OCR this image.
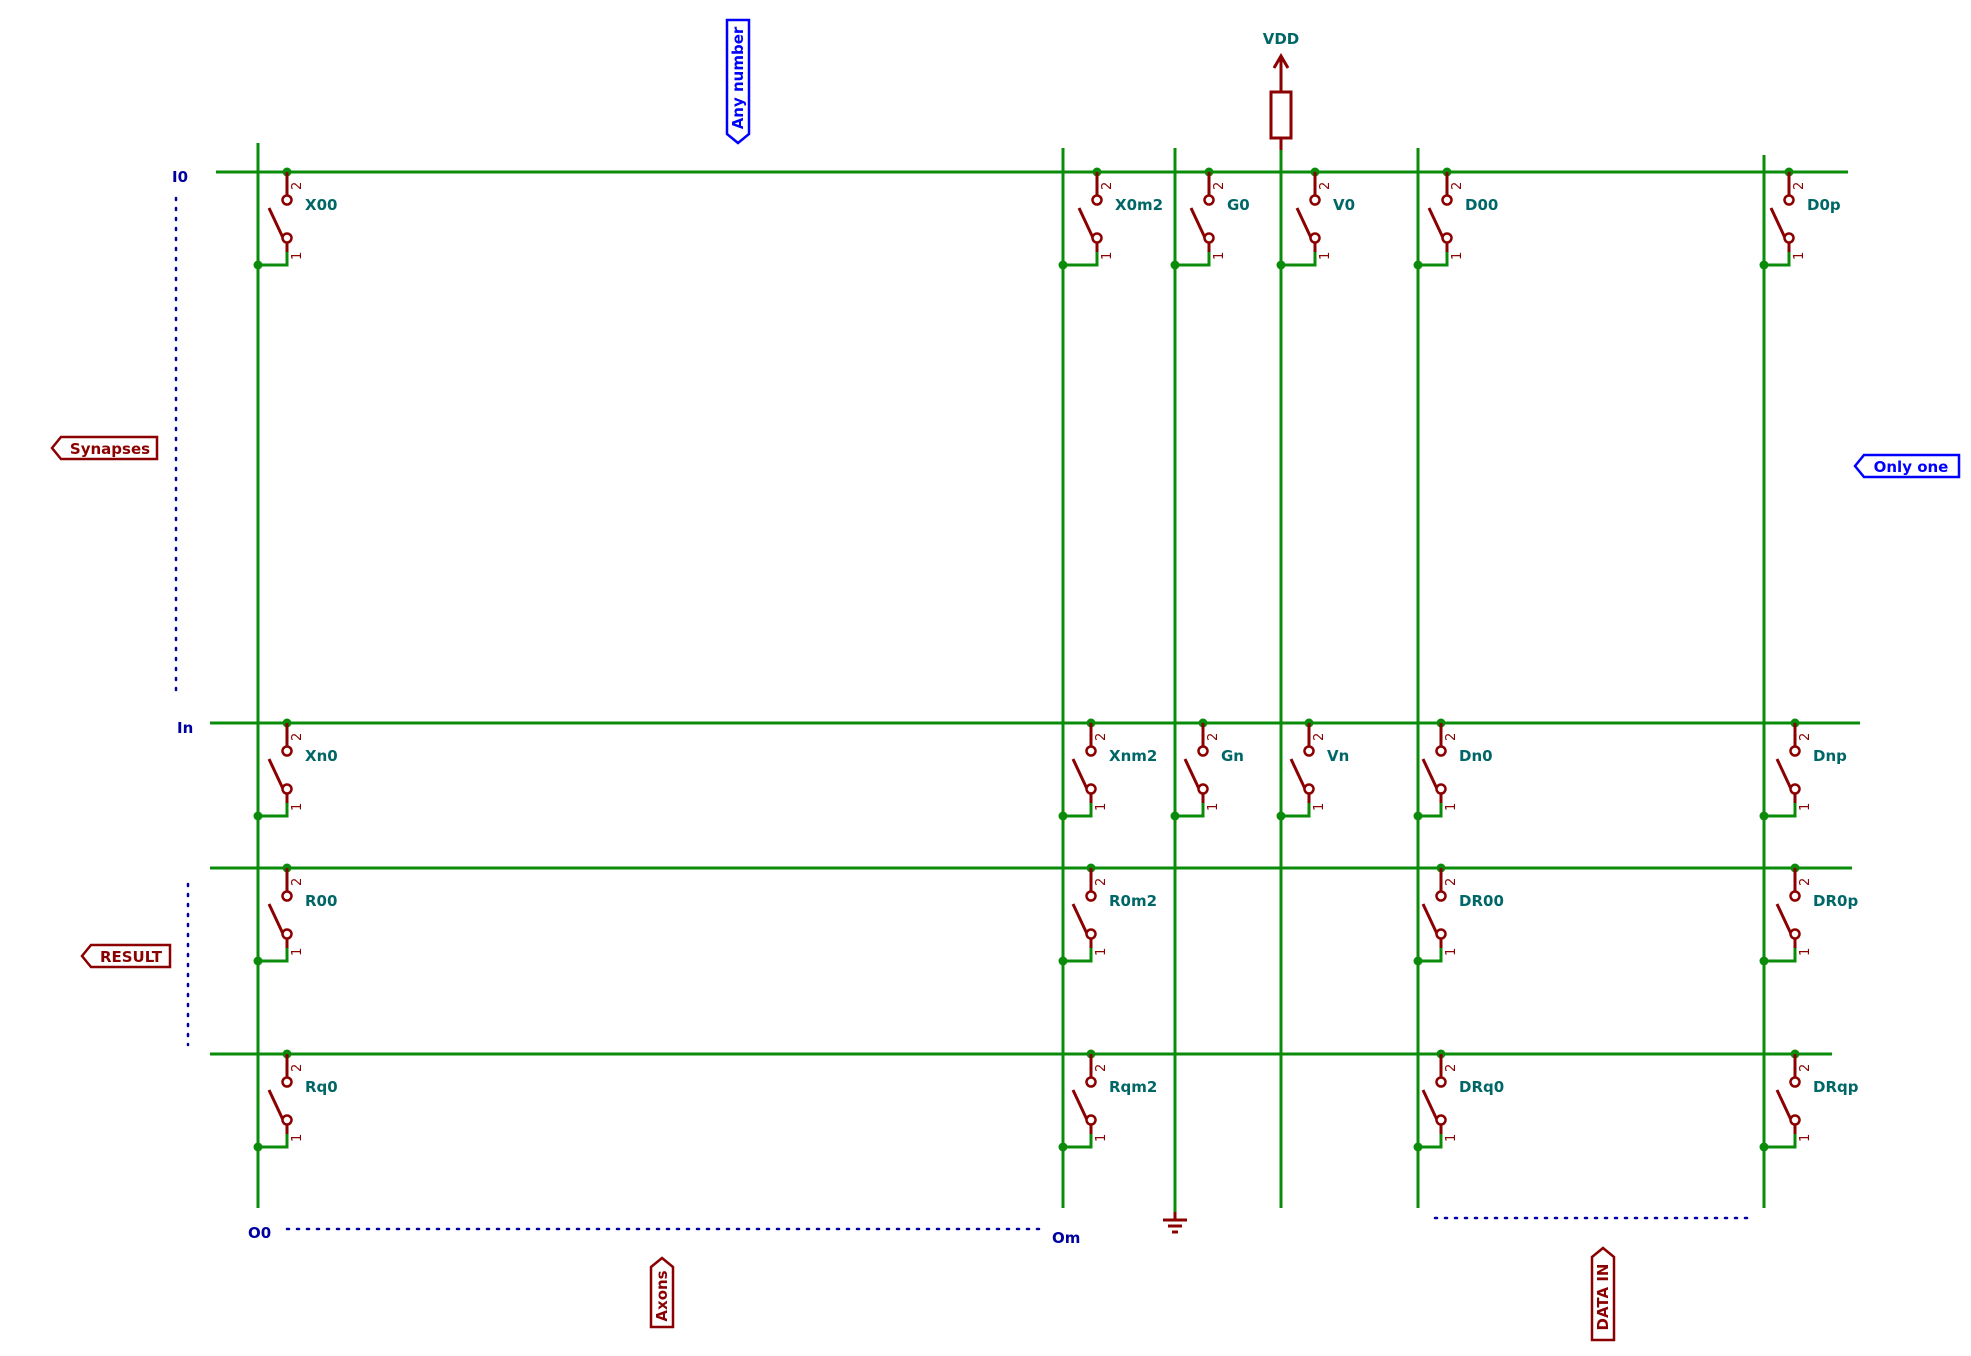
2
1
X00
2
1
X0m2
2
1
G0
2
1
V0
2
1
D00
2
1
D0p
2
1
Xn0
2
1
Xnm2
2
1
Gn
2
1
Vn
2
1
Dn0
2
1
Dnp
2
1
R00
2
1
R0m2
2
1
DR00
2
1
DR0p
2
1
Rq0
2
1
Rqm2
2
1
DRq0
2
1
DRqp
VDD
I0
In
O0	Om
Synapses
RESULT
Only one
Any number
Axons	DATA IN
